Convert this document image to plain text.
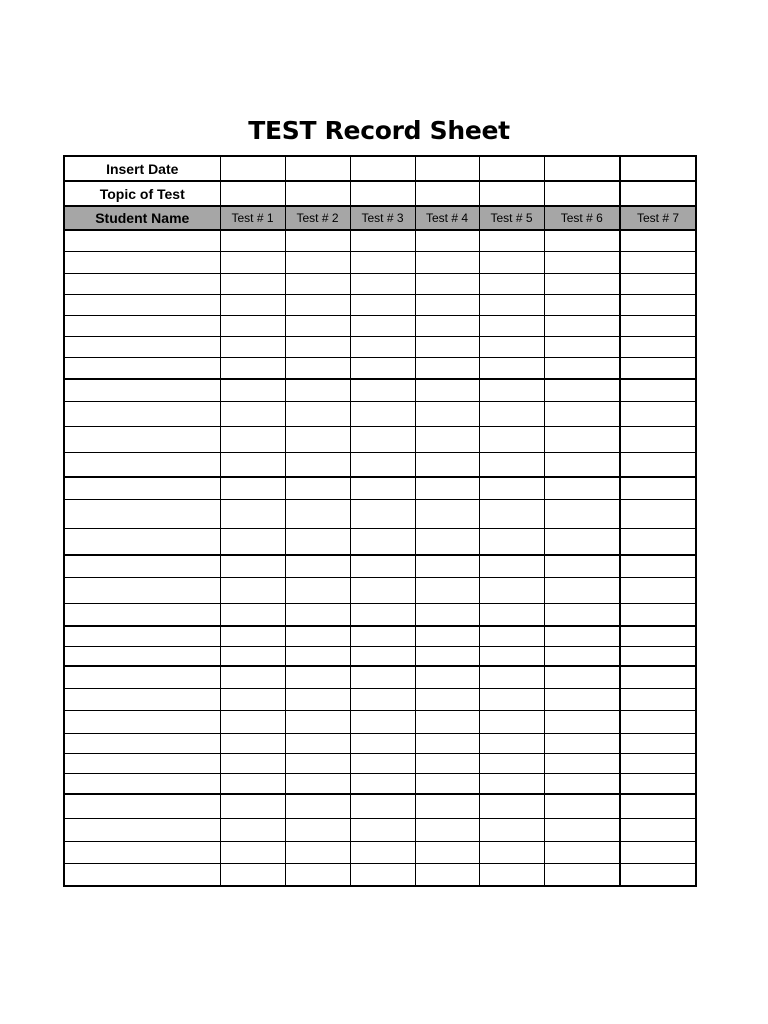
TEST Record Sheet
Insert Date							
Topic of Test							
Student Name	Test # 1	Test # 2	Test # 3	Test # 4	Test # 5	Test # 6	Test # 7
